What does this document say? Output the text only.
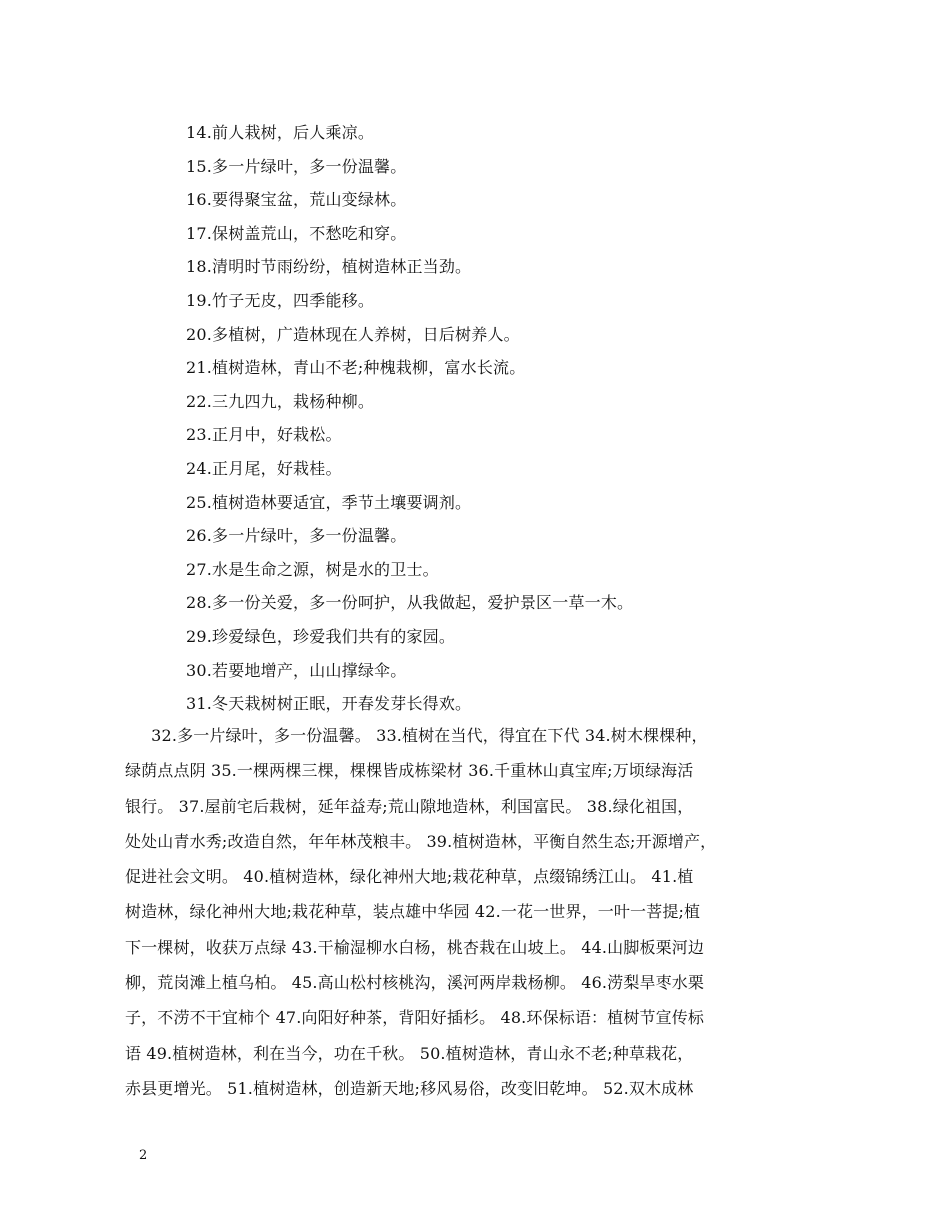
14.前人栽树，后人乘凉。
15.多一片绿叶，多一份温馨。
16.要得聚宝盆，荒山变绿林。
17.保树盖荒山，不愁吃和穿。
18.清明时节雨纷纷，植树造林正当劲。
19.竹子无皮，四季能移。
20.多植树，广造林现在人养树，日后树养人。
21.植树造林，青山不老;种槐栽柳，富水长流。
22.三九四九，栽杨种柳。
23.正月中，好栽松。
24.正月尾，好栽桂。
25.植树造林要适宜，季节土壤要调剂。
26.多一片绿叶，多一份温馨。
27.水是生命之源，树是水的卫士。
28.多一份关爱，多一份呵护，从我做起，爱护景区一草一木。
29.珍爱绿色，珍爱我们共有的家园。
30.若要地增产，山山撑绿伞。
31.冬天栽树树正眠，开春发芽长得欢。
32.多一片绿叶，多一份温馨。 33.植树在当代，得宜在下代 34.树木棵棵种，
绿荫点点阴 35.一棵两棵三棵，棵棵皆成栋梁材 36.千重林山真宝库;万顷绿海活
银行。 37.屋前宅后栽树，延年益寿;荒山隙地造林，利国富民。 38.绿化祖国，
处处山青水秀;改造自然，年年林茂粮丰。 39.植树造林，平衡自然生态;开源增产，
促进社会文明。 40.植树造林，绿化神州大地;栽花种草，点缀锦绣江山。 41.植
树造林，绿化神州大地;栽花种草，装点雄中华园 42.一花一世界，一叶一菩提;植
下一棵树，收获万点绿 43.干榆湿柳水白杨，桃杏栽在山坡上。 44.山脚板栗河边
柳，荒岗滩上植乌柏。 45.高山松村核桃沟，溪河两岸栽杨柳。 46.涝梨旱枣水栗
子，不涝不干宜柿个 47.向阳好种茶，背阳好插杉。 48.环保标语：植树节宣传标
语 49.植树造林，利在当今，功在千秋。 50.植树造林，青山永不老;种草栽花，
赤县更增光。 51.植树造林，创造新天地;移风易俗，改变旧乾坤。 52.双木成林
2
